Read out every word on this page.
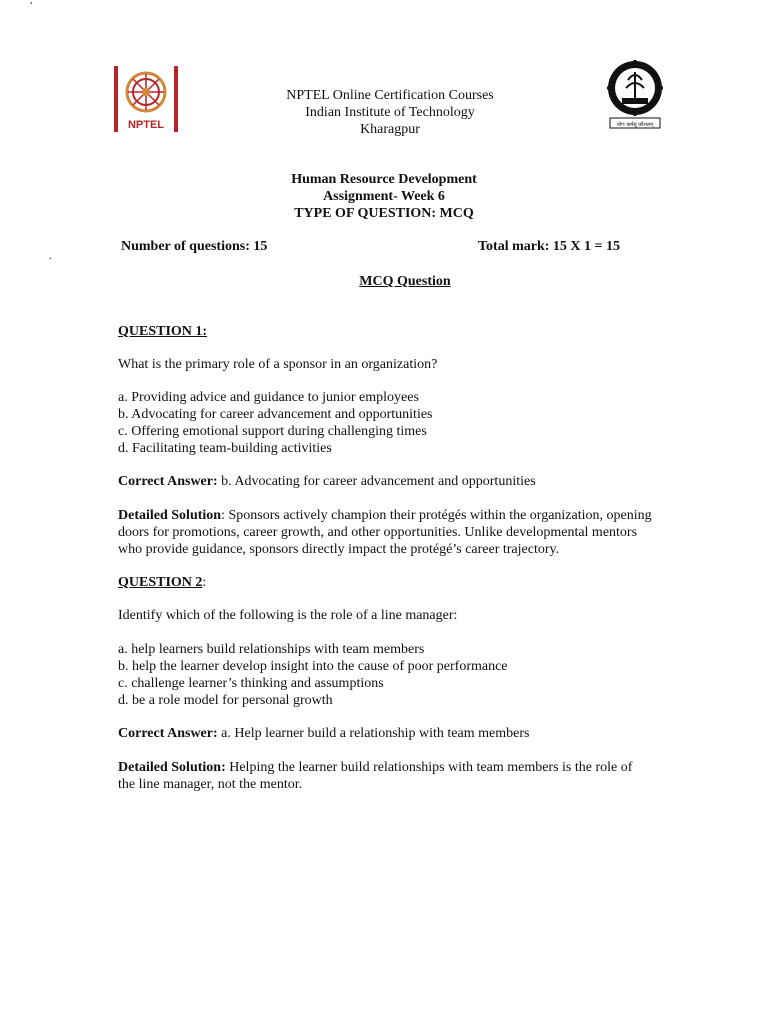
,
NPTEL	योगः कर्मसु कौशलम्
NPTEL Online Certification Courses
Indian Institute of Technology
Kharagpur
Human Resource Development
Assignment- Week 6
TYPE OF QUESTION: MCQ
Number of questions: 15	Total mark: 15 X 1 = 15
.
MCQ Question
QUESTION 1:
What is the primary role of a sponsor in an organization?
a. Providing advice and guidance to junior employees
b. Advocating for career advancement and opportunities
c. Offering emotional support during challenging times
d. Facilitating team-building activities
Correct Answer: b. Advocating for career advancement and opportunities
Detailed Solution: Sponsors actively champion their protégés within the organization, opening doors for promotions, career growth, and other opportunities. Unlike developmental mentors who provide guidance, sponsors directly impact the protégé’s career trajectory.
QUESTION 2:
Identify which of the following is the role of a line manager:
a. help learners build relationships with team members
b. help the learner develop insight into the cause of poor performance
c. challenge learner’s thinking and assumptions
d. be a role model for personal growth
Correct Answer: a. Help learner build a relationship with team members
Detailed Solution: Helping the learner build relationships with team members is the role of the line manager, not the mentor.
